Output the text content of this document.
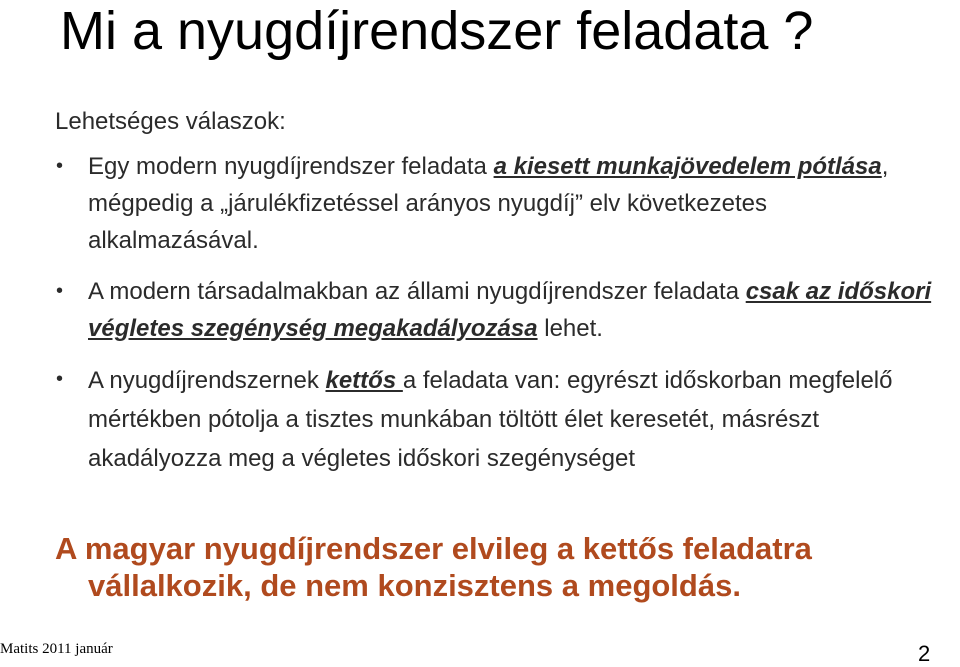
Mi a nyugdíjrendszer feladata ?

Lehetséges válaszok:

• Egy modern nyugdíjrendszer feladata a kiesett munkajövedelem pótlása, mégpedig a „járulékfizetéssel arányos nyugdíj” elv következetes alkalmazásával.
• A modern társadalmakban az állami nyugdíjrendszer feladata csak az időskori végletes szegénység megakadályozása lehet.
• A nyugdíjrendszernek kettős a feladata van: egyrészt időskorban megfelelő mértékben pótolja a tisztes munkában töltött élet keresetét, másrészt akadályozza meg a végletes időskori szegénységet
A magyar nyugdíjrendszer elvileg a kettős feladatra
vállalkozik, de nem konzisztens a megoldás.
Matits 2011 január	2
